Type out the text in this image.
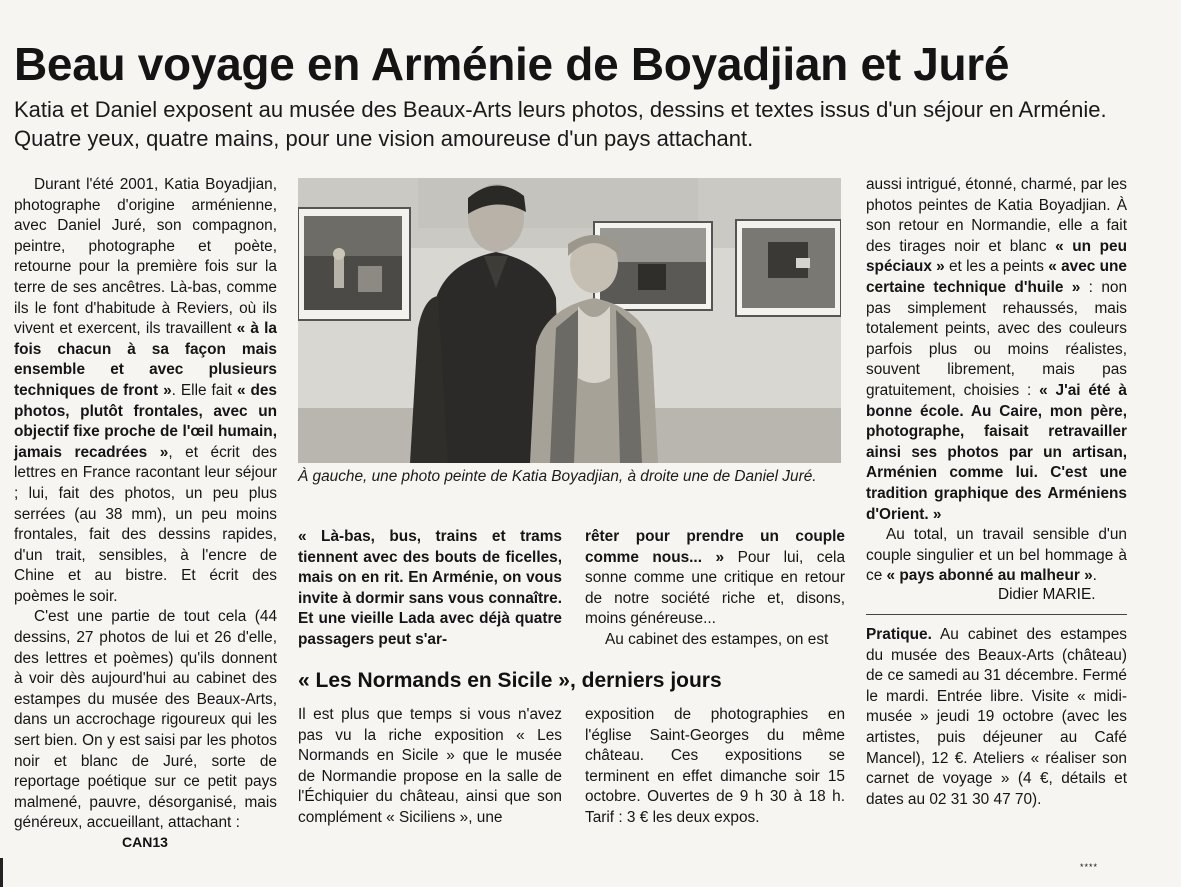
Beau voyage en Arménie de Boyadjian et Juré
Katia et Daniel exposent au musée des Beaux-Arts leurs photos, dessins et textes issus d'un séjour en Arménie. Quatre yeux, quatre mains, pour une vision amoureuse d'un pays attachant.

Durant l'été 2001, Katia Boyadjian, photographe d'origine arménienne, avec Daniel Juré, son compagnon, peintre, photographe et poète, retourne pour la première fois sur la terre de ses ancêtres. Là-bas, comme ils le font d'habitude à Reviers, où ils vivent et exercent, ils travaillent « à la fois chacun à sa façon mais ensemble et avec plusieurs techniques de front ». Elle fait « des photos, plutôt frontales, avec un objectif fixe proche de l'œil humain, jamais recadrées », et écrit des lettres en France racontant leur séjour ; lui, fait des photos, un peu plus serrées (au 38 mm), un peu moins frontales, fait des dessins rapides, d'un trait, sensibles, à l'encre de Chine et au bistre. Et écrit des poèmes le soir.

C'est une partie de tout cela (44 dessins, 27 photos de lui et 26 d'elle, des lettres et poèmes) qu'ils donnent à voir dès aujourd'hui au cabinet des estampes du musée des Beaux-Arts, dans un accrochage rigoureux qui les sert bien. On y est saisi par les photos noir et blanc de Juré, sorte de reportage poétique sur ce petit pays malmené, pauvre, désorganisé, mais généreux, accueillant, attachant :

À gauche, une photo peinte de Katia Boyadjian, à droite une de Daniel Juré.

« Là-bas, bus, trains et trams tiennent avec des bouts de ficelles, mais on en rit. En Arménie, on vous invite à dormir sans vous connaître. Et une vieille Lada avec déjà quatre passagers peut s'ar-

rêter pour prendre un couple comme nous... » Pour lui, cela sonne comme une critique en retour de notre société riche et, disons, moins généreuse...

Au cabinet des estampes, on est

aussi intrigué, étonné, charmé, par les photos peintes de Katia Boyadjian. À son retour en Normandie, elle a fait des tirages noir et blanc « un peu spéciaux » et les a peints « avec une certaine technique d'huile » : non pas simplement rehaussés, mais totalement peints, avec des couleurs parfois plus ou moins réalistes, souvent librement, mais pas gratuitement, choisies : « J'ai été à bonne école. Au Caire, mon père, photographe, faisait retravailler ainsi ses photos par un artisan, Arménien comme lui. C'est une tradition graphique des Arméniens d'Orient. »

Au total, un travail sensible d'un couple singulier et un bel hommage à ce « pays abonné au malheur ».

Didier MARIE.
« Les Normands en Sicile », derniers jours

Il est plus que temps si vous n'avez pas vu la riche exposition « Les Normands en Sicile » que le musée de Normandie propose en la salle de l'Échiquier du château, ainsi que son complément « Siciliens », une

exposition de photographies en l'église Saint-Georges du même château. Ces expositions se terminent en effet dimanche soir 15 octobre. Ouvertes de 9 h 30 à 18 h. Tarif : 3 € les deux expos.

Pratique. Au cabinet des estampes du musée des Beaux-Arts (château) de ce samedi au 31 décembre. Fermé le mardi. Entrée libre. Visite « midi-musée » jeudi 19 octobre (avec les artistes, puis déjeuner au Café Mancel), 12 €. Ateliers « réaliser son carnet de voyage » (4 €, détails et dates au 02 31 30 47 70).

CAN13
****
